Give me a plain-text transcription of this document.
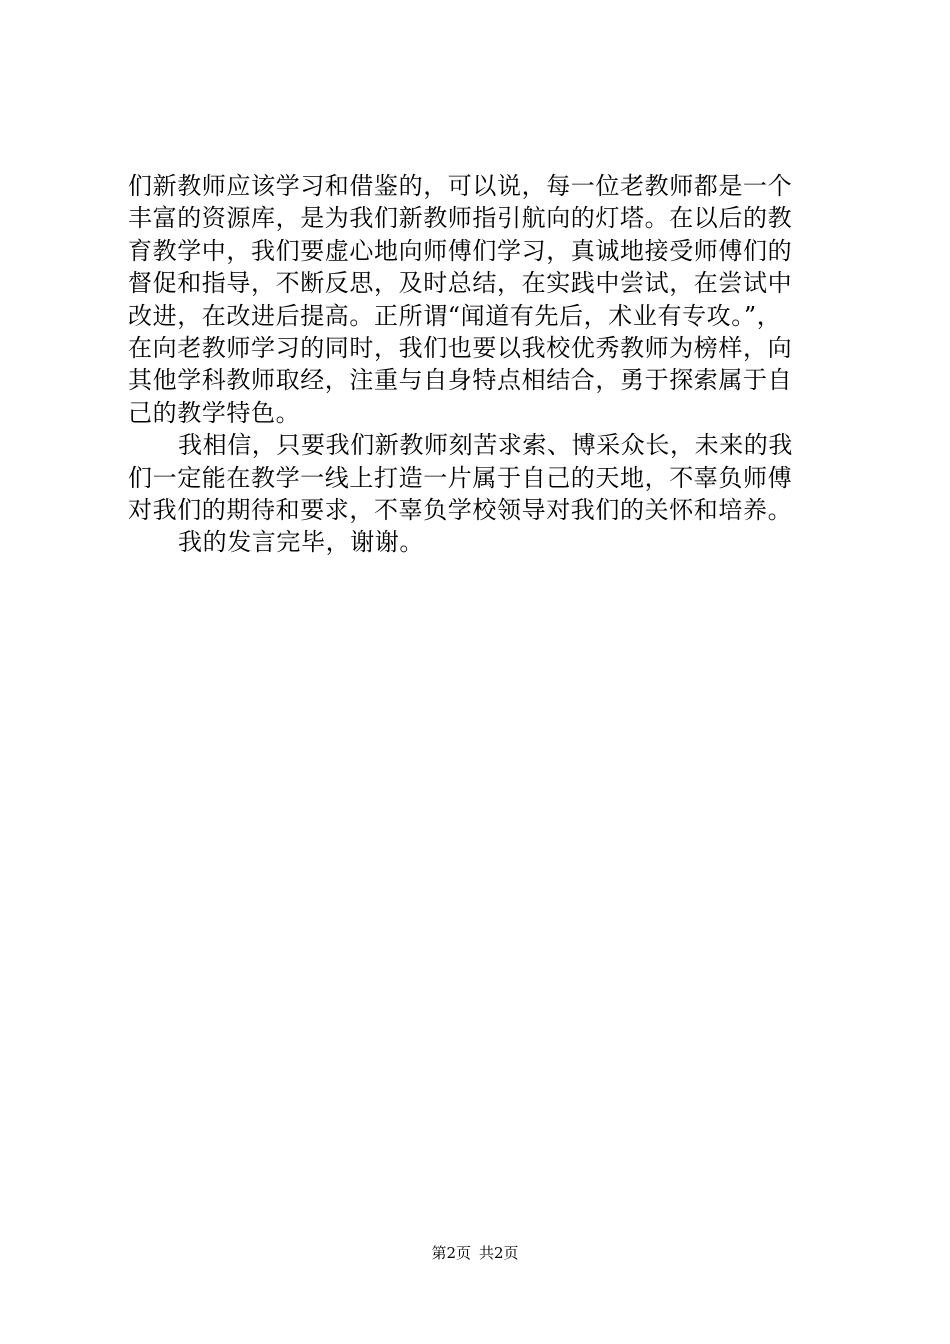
们新教师应该学习和借鉴的，可以说，每一位老教师都是一个
丰富的资源库，是为我们新教师指引航向的灯塔。在以后的教
育教学中，我们要虚心地向师傅们学习，真诚地接受师傅们的
督促和指导，不断反思，及时总结，在实践中尝试，在尝试中
改进，在改进后提高。正所谓“闻道有先后，术业有专攻。”，
在向老教师学习的同时，我们也要以我校优秀教师为榜样，向
其他学科教师取经，注重与自身特点相结合，勇于探索属于自
己的教学特色。
我相信，只要我们新教师刻苦求索、博采众长，未来的我
们一定能在教学一线上打造一片属于自己的天地，不辜负师傅
对我们的期待和要求，不辜负学校领导对我们的关怀和培养。
我的发言完毕，谢谢。
第2页 共2页
